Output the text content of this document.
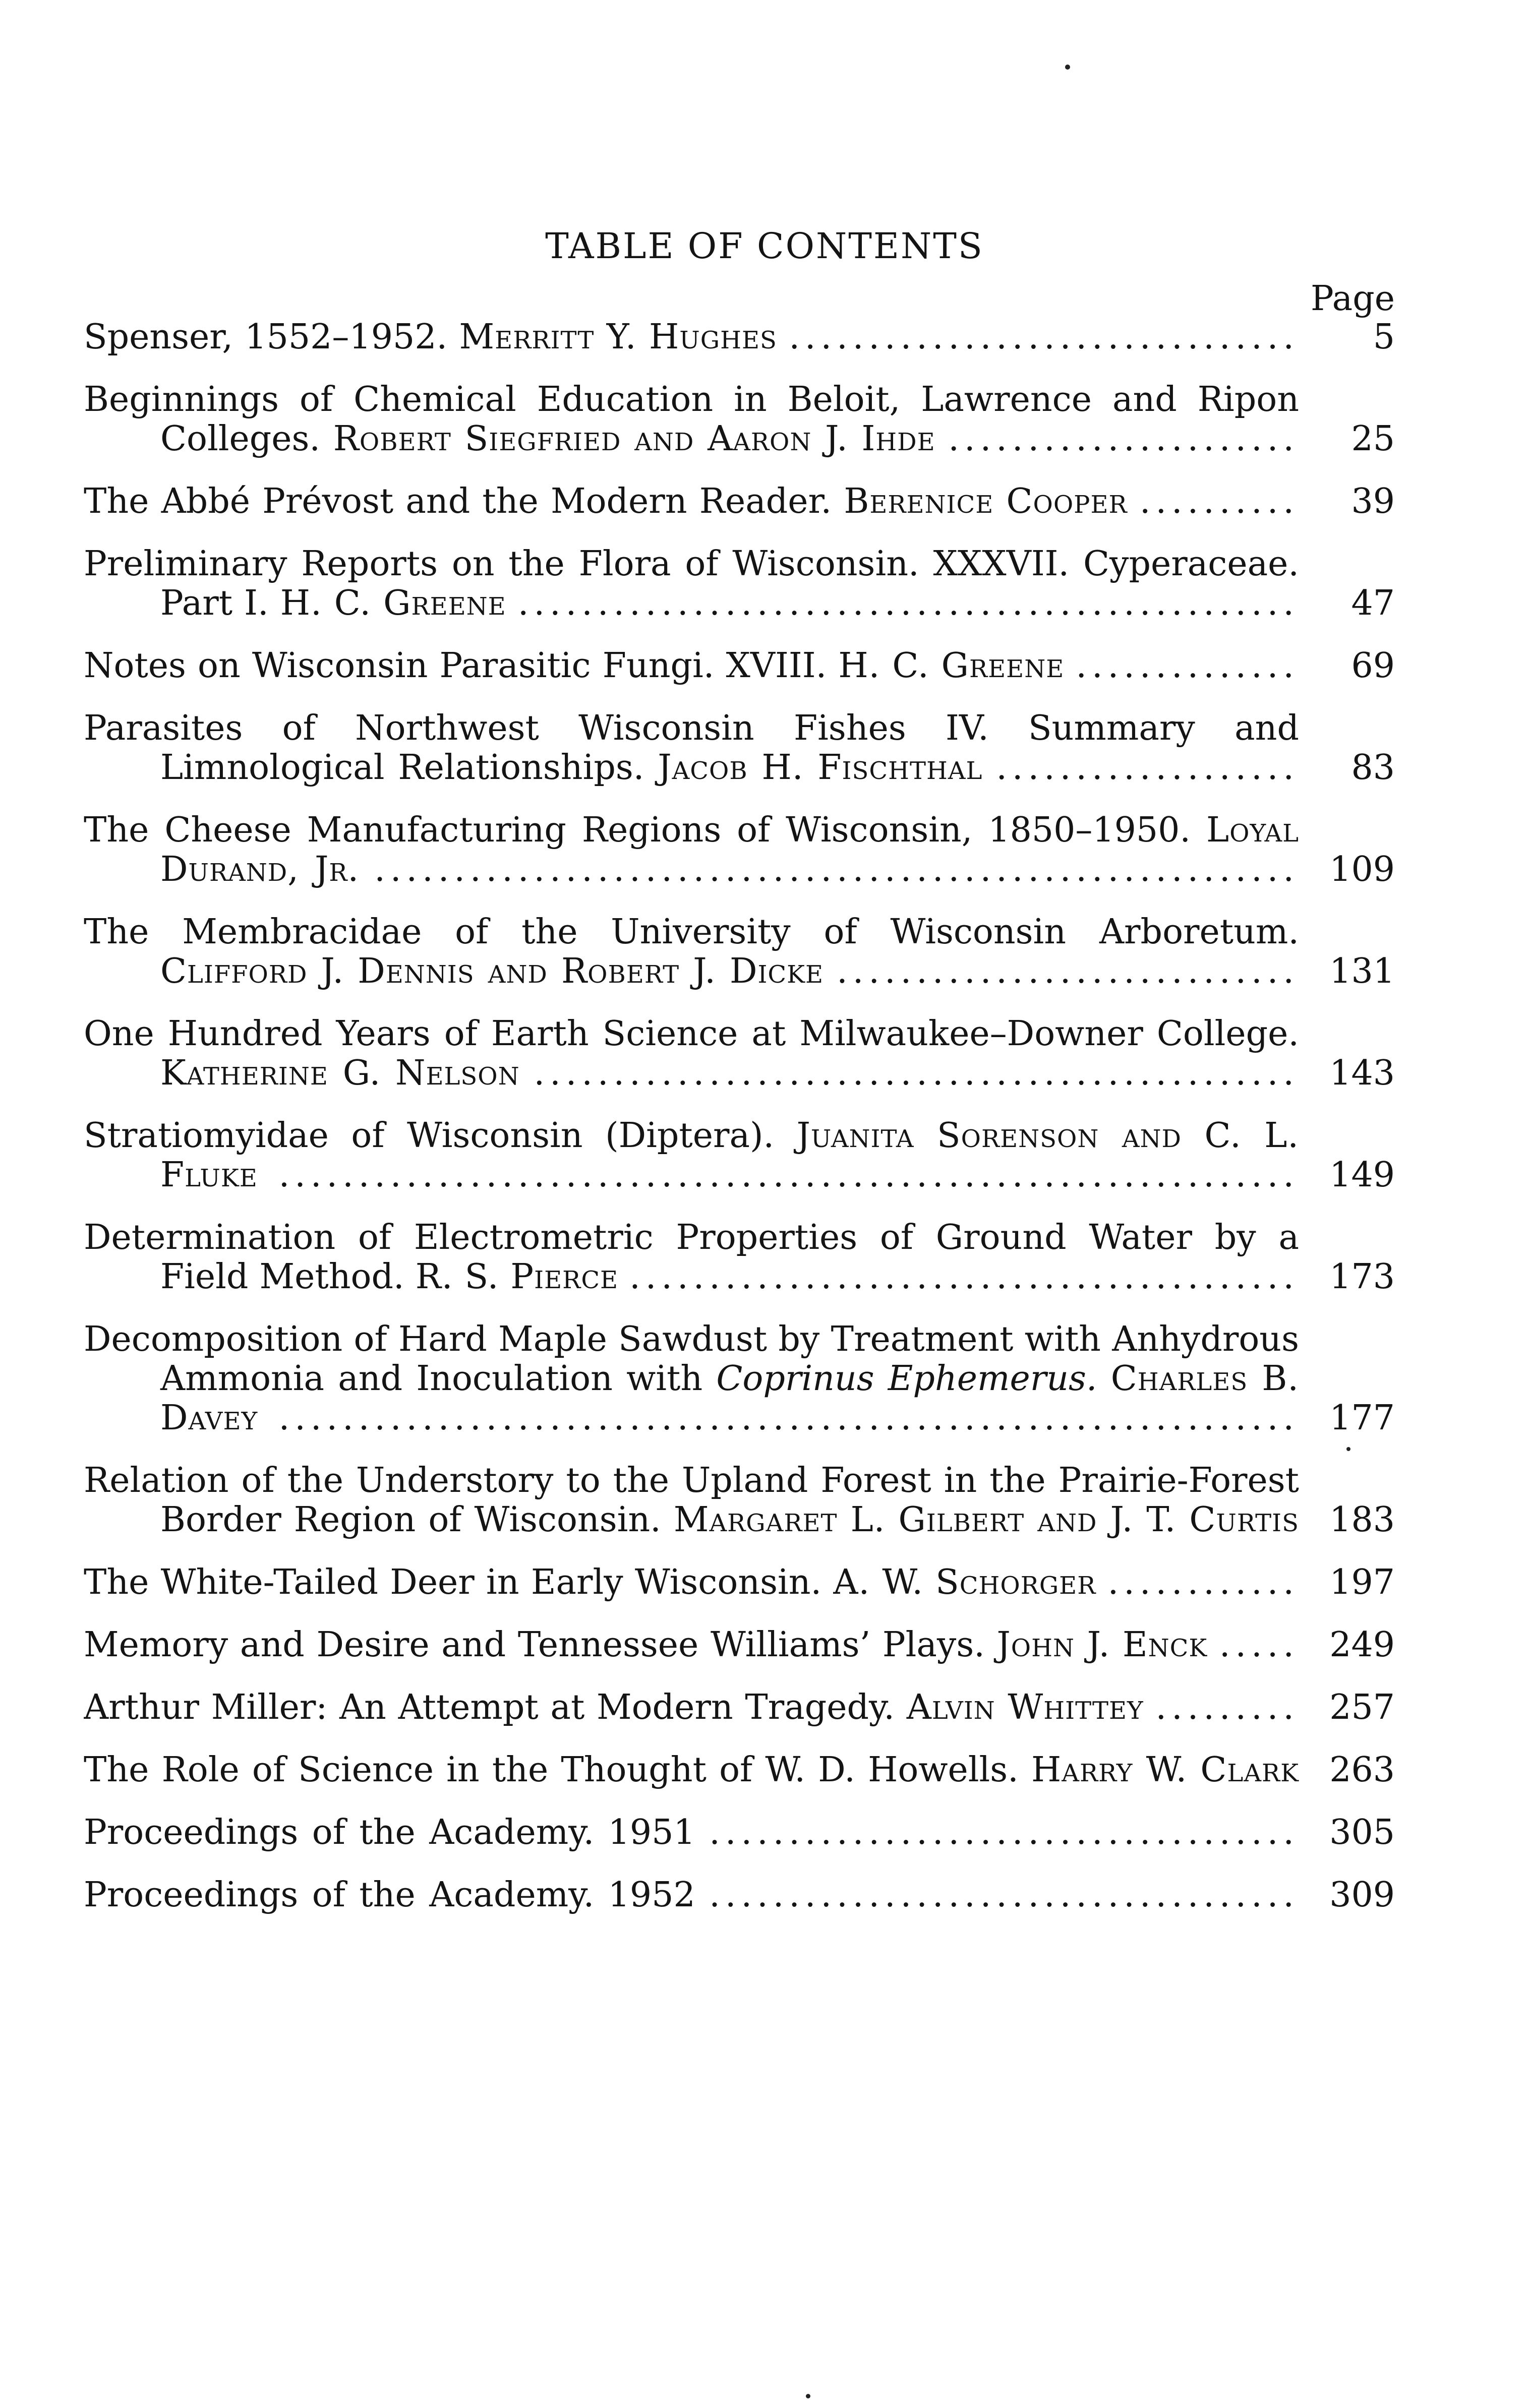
TABLE OF CONTENTS
Page
Spenser, 1552–1952. Merritt Y. Hughes ................................	5
Beginnings of Chemical Education in Beloit, Lawrence and Ripon Colleges. Robert Siegfried and Aaron J. Ihde ......................	25
The Abbé Prévost and the Modern Reader. Berenice Cooper ..........	39
Preliminary Reports on the Flora of Wisconsin. XXXVII. Cyperaceae. Part I. H. C. Greene .................................................	47
Notes on Wisconsin Parasitic Fungi. XVIII. H. C. Greene ..............	69
Parasites of Northwest Wisconsin Fishes IV. Summary and Limnological Relationships. Jacob H. Fischthal ...................	83
The Cheese Manufacturing Regions of Wisconsin, 1850–1950. Loyal Durand, Jr. .......................................................... 109
The Membracidae of the University of Wisconsin Arboretum. Clifford J. Dennis and Robert J. Dicke ............................. 131
One Hundred Years of Earth Science at Milwaukee–Downer College. Katherine G. Nelson ................................................ 143
Stratiomyidae of Wisconsin (Diptera). Juanita Sorenson and C. L. Fluke ................................................................ 149
Determination of Electrometric Properties of Ground Water by a Field Method. R. S. Pierce .......................................... 173
Decomposition of Hard Maple Sawdust by Treatment with Anhydrous Ammonia and Inoculation with Coprinus Ephemerus. Charles B. Davey ................................................................ 177
Relation of the Understory to the Upland Forest in the Prairie-Forest Border Region of Wisconsin. Margaret L. Gilbert and J. T. Curtis 183
The White-Tailed Deer in Early Wisconsin. A. W. Schorger ............ 197
Memory and Desire and Tennessee Williams’ Plays. John J. Enck ..... 249
Arthur Miller: An Attempt at Modern Tragedy. Alvin Whittey ......... 257
The Role of Science in the Thought of W. D. Howells. Harry W. Clark 263
Proceedings of the Academy. 1951 ..................................... 305
Proceedings of the Academy. 1952 ..................................... 309
